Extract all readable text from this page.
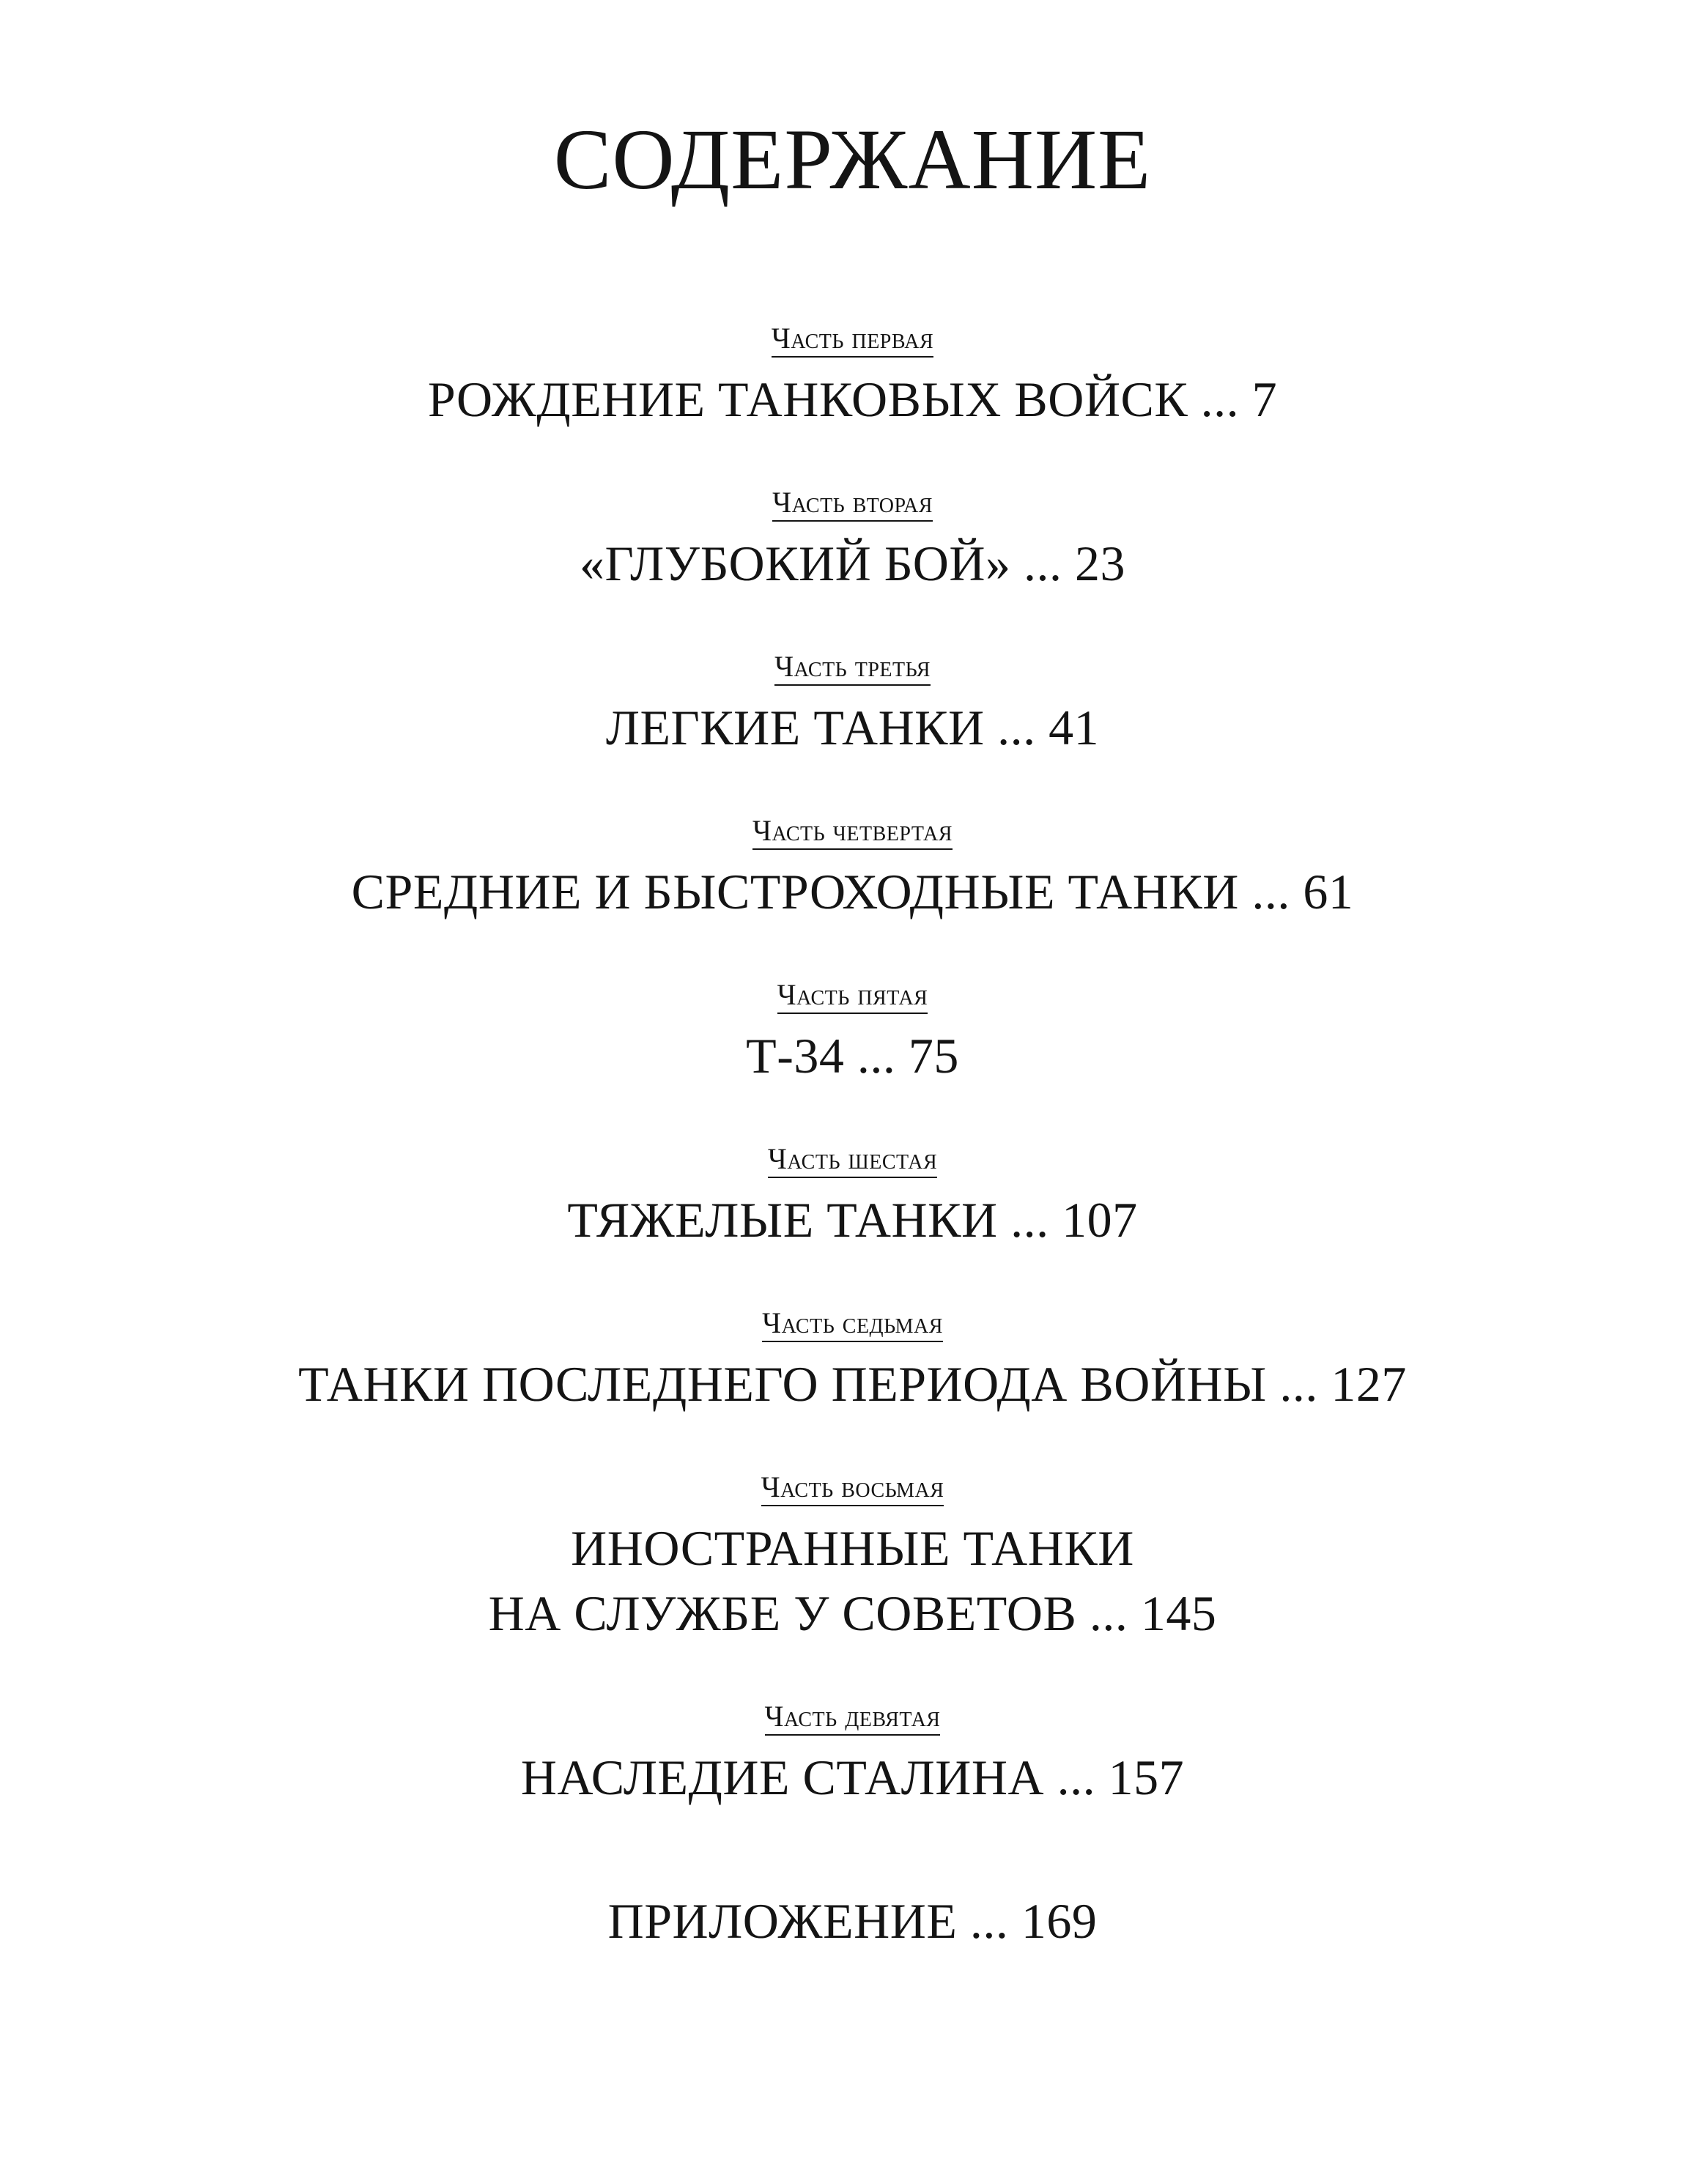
СОДЕРЖАНИЕ
Часть первая
РОЖДЕНИЕ ТАНКОВЫХ ВОЙСК ... 7
Часть вторая
«ГЛУБОКИЙ БОЙ» ... 23
Часть третья
ЛЕГКИЕ ТАНКИ ... 41
Часть четвертая
СРЕДНИЕ И БЫСТРОХОДНЫЕ ТАНКИ ... 61
Часть пятая
Т-34 ... 75
Часть шестая
ТЯЖЕЛЫЕ ТАНКИ ... 107
Часть седьмая
ТАНКИ ПОСЛЕДНЕГО ПЕРИОДА ВОЙНЫ ... 127
Часть восьмая
ИНОСТРАННЫЕ ТАНКИ
НА СЛУЖБЕ У СОВЕТОВ ... 145
Часть девятая
НАСЛЕДИЕ СТАЛИНА ... 157
ПРИЛОЖЕНИЕ ... 169
